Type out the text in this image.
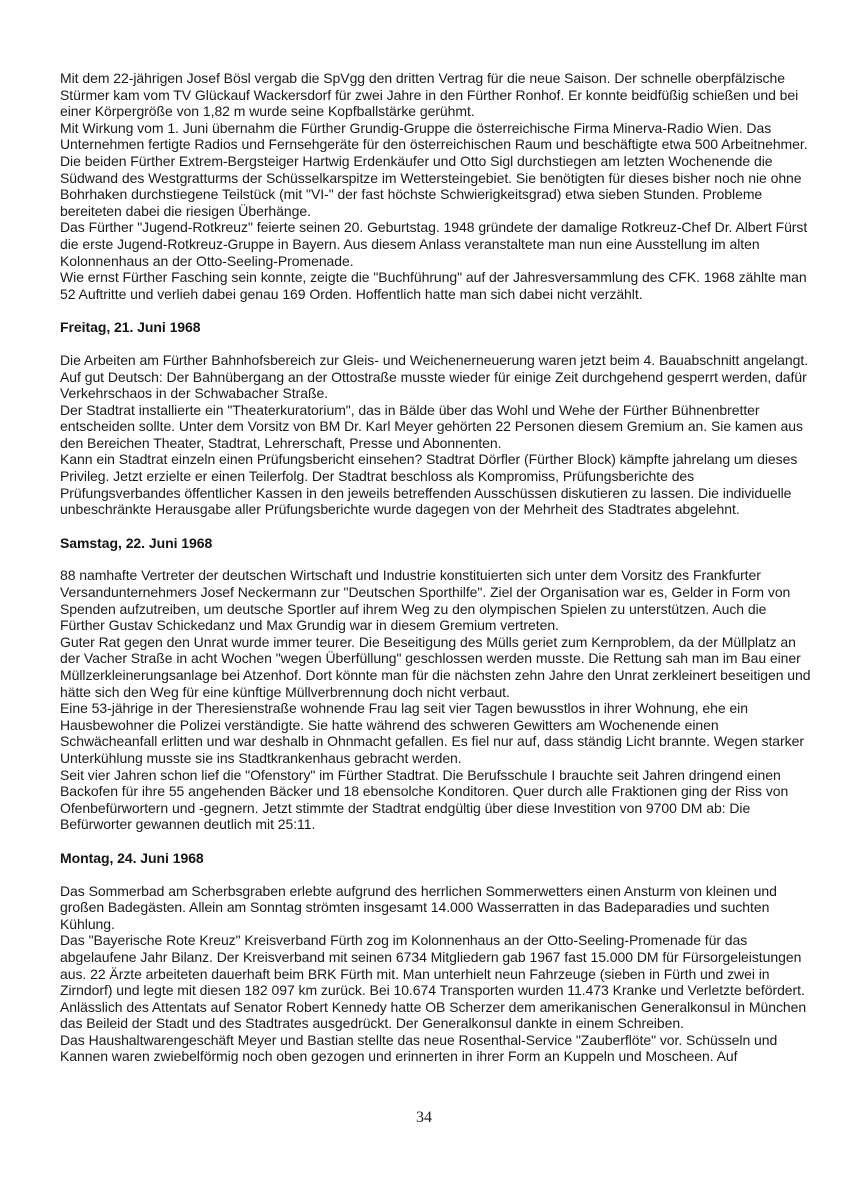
Mit dem 22-jährigen Josef Bösl vergab die SpVgg den dritten Vertrag für die neue Saison. Der schnelle oberpfälzische Stürmer kam vom TV Glückauf Wackersdorf für zwei Jahre in den Fürther Ronhof. Er konnte beidfüßig schießen und bei einer Körpergröße von 1,82 m wurde seine Kopfballstärke gerühmt.

Mit Wirkung vom 1. Juni übernahm die Fürther Grundig-Gruppe die österreichische Firma Minerva-Radio Wien. Das Unternehmen fertigte Radios und Fernsehgeräte für den österreichischen Raum und beschäftigte etwa 500 Arbeitnehmer.

Die beiden Fürther Extrem-Bergsteiger Hartwig Erdenkäufer und Otto Sigl durchstiegen am letzten Wochenende die Südwand des Westgratturms der Schüsselkarspitze im Wettersteingebiet. Sie benötigten für dieses bisher noch nie ohne Bohrhaken durchstiegene Teilstück (mit "VI-" der fast höchste Schwierigkeitsgrad) etwa sieben Stunden. Probleme bereiteten dabei die riesigen Überhänge.

Das Fürther "Jugend-Rotkreuz" feierte seinen 20. Geburtstag. 1948 gründete der damalige Rotkreuz-Chef Dr. Albert Fürst die erste Jugend-Rotkreuz-Gruppe in Bayern. Aus diesem Anlass veranstaltete man nun eine Ausstellung im alten Kolonnenhaus an der Otto-Seeling-Promenade.

Wie ernst Fürther Fasching sein konnte, zeigte die "Buchführung" auf der Jahresversammlung des CFK. 1968 zählte man 52 Auftritte und verlieh dabei genau 169 Orden. Hoffentlich hatte man sich dabei nicht verzählt.

Freitag, 21. Juni 1968

Die Arbeiten am Fürther Bahnhofsbereich zur Gleis- und Weichenerneuerung waren jetzt beim 4. Bauabschnitt angelangt. Auf gut Deutsch: Der Bahnübergang an der Ottostraße musste wieder für einige Zeit durchgehend gesperrt werden, dafür Verkehrschaos in der Schwabacher Straße.

Der Stadtrat installierte ein "Theaterkuratorium", das in Bälde über das Wohl und Wehe der Fürther Bühnenbretter entscheiden sollte. Unter dem Vorsitz von BM Dr. Karl Meyer gehörten 22 Personen diesem Gremium an. Sie kamen aus den Bereichen Theater, Stadtrat, Lehrerschaft, Presse und Abonnenten.

Kann ein Stadtrat einzeln einen Prüfungsbericht einsehen? Stadtrat Dörfler (Fürther Block) kämpfte jahrelang um dieses Privileg. Jetzt erzielte er einen Teilerfolg. Der Stadtrat beschloss als Kompromiss, Prüfungsberichte des Prüfungsverbandes öffentlicher Kassen in den jeweils betreffenden Ausschüssen diskutieren zu lassen. Die individuelle unbeschränkte Herausgabe aller Prüfungsberichte wurde dagegen von der Mehrheit des Stadtrates abgelehnt.

Samstag, 22. Juni 1968

88 namhafte Vertreter der deutschen Wirtschaft und Industrie konstituierten sich unter dem Vorsitz des Frankfurter Versandunternehmers Josef Neckermann zur "Deutschen Sporthilfe". Ziel der Organisation war es, Gelder in Form von Spenden aufzutreiben, um deutsche Sportler auf ihrem Weg zu den olympischen Spielen zu unterstützen. Auch die Fürther Gustav Schickedanz und Max Grundig war in diesem Gremium vertreten.

Guter Rat gegen den Unrat wurde immer teurer. Die Beseitigung des Mülls geriet zum Kernproblem, da der Müllplatz an der Vacher Straße in acht Wochen "wegen Überfüllung" geschlossen werden musste. Die Rettung sah man im Bau einer Müllzerkleinerungsanlage bei Atzenhof. Dort könnte man für die nächsten zehn Jahre den Unrat zerkleinert beseitigen und hätte sich den Weg für eine künftige Müllverbrennung doch nicht verbaut.

Eine 53-jährige in der Theresienstraße wohnende Frau lag seit vier Tagen bewusstlos in ihrer Wohnung, ehe ein Hausbewohner die Polizei verständigte. Sie hatte während des schweren Gewitters am Wochenende einen Schwächeanfall erlitten und war deshalb in Ohnmacht gefallen. Es fiel nur auf, dass ständig Licht brannte. Wegen starker Unterkühlung musste sie ins Stadtkrankenhaus gebracht werden.

Seit vier Jahren schon lief die "Ofenstory" im Fürther Stadtrat. Die Berufsschule I brauchte seit Jahren dringend einen Backofen für ihre 55 angehenden Bäcker und 18 ebensolche Konditoren. Quer durch alle Fraktionen ging der Riss von Ofenbefürwortern und -gegnern. Jetzt stimmte der Stadtrat endgültig über diese Investition von 9700 DM ab: Die Befürworter gewannen deutlich mit 25:11.

Montag, 24. Juni 1968

Das Sommerbad am Scherbsgraben erlebte aufgrund des herrlichen Sommerwetters einen Ansturm von kleinen und großen Badegästen. Allein am Sonntag strömten insgesamt 14.000 Wasserratten in das Badeparadies und suchten Kühlung.

Das "Bayerische Rote Kreuz" Kreisverband Fürth zog im Kolonnenhaus an der Otto-Seeling-Promenade für das abgelaufene Jahr Bilanz. Der Kreisverband mit seinen 6734 Mitgliedern gab 1967 fast 15.000 DM für Fürsorgeleistungen aus. 22 Ärzte arbeiteten dauerhaft beim BRK Fürth mit. Man unterhielt neun Fahrzeuge (sieben in Fürth und zwei in Zirndorf) und legte mit diesen 182 097 km zurück. Bei 10.674 Transporten wurden 11.473 Kranke und Verletzte befördert.

Anlässlich des Attentats auf Senator Robert Kennedy hatte OB Scherzer dem amerikanischen Generalkonsul in München das Beileid der Stadt und des Stadtrates ausgedrückt. Der Generalkonsul dankte in einem Schreiben.

Das Haushaltwarengeschäft Meyer und Bastian stellte das neue Rosenthal-Service "Zauberflöte" vor. Schüsseln und Kannen waren zwiebelförmig noch oben gezogen und erinnerten in ihrer Form an Kuppeln und Moscheen. Auf

34
